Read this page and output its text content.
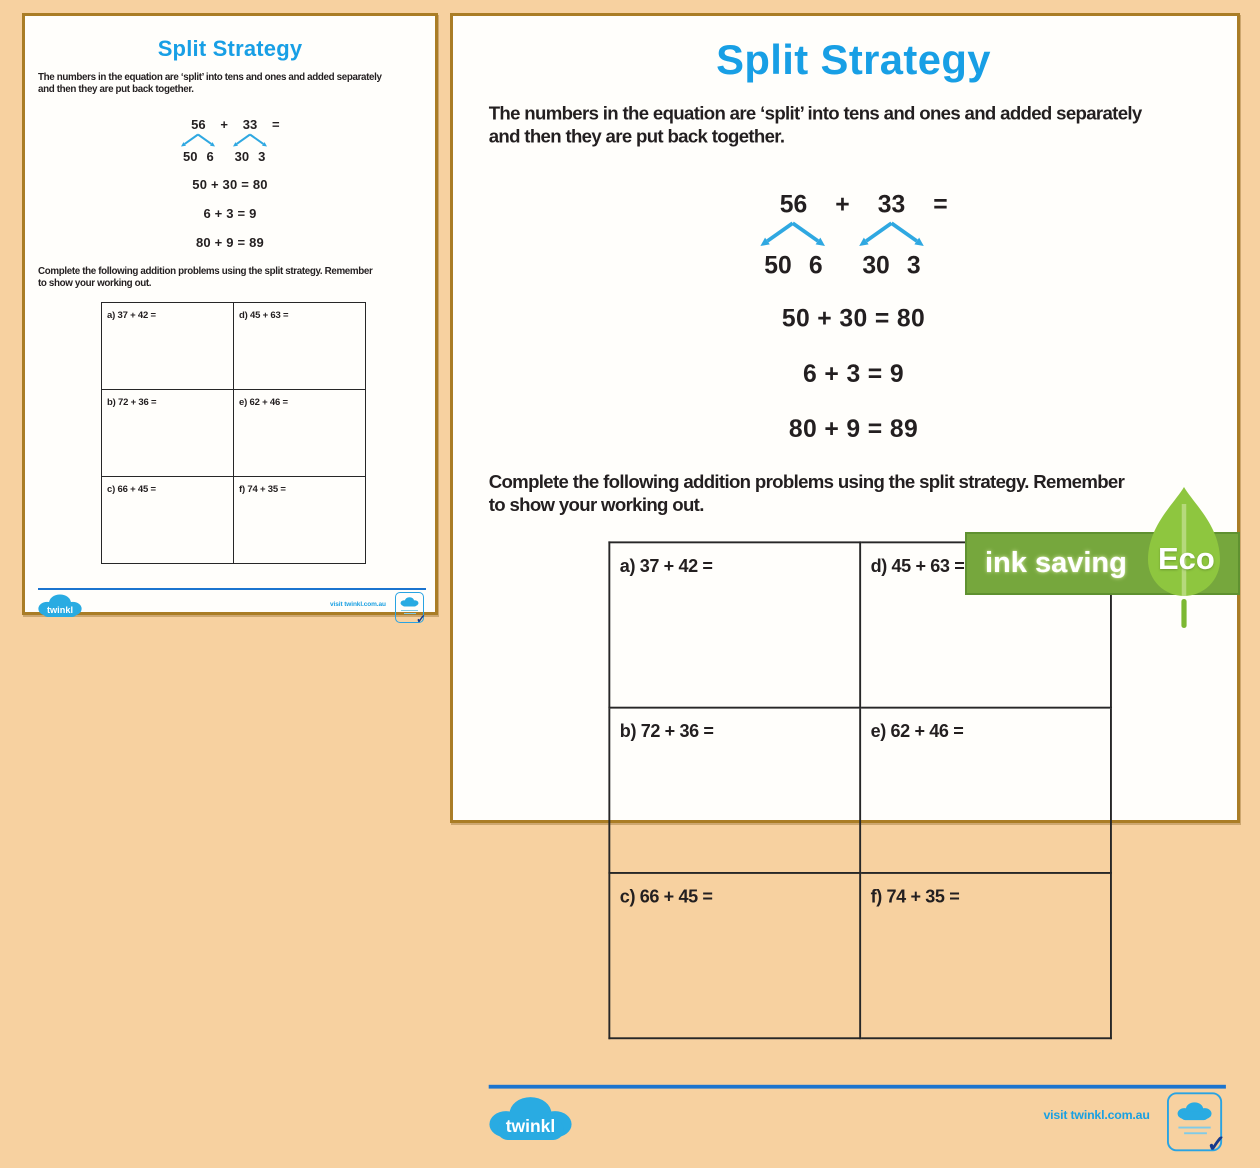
Split Strategy
The numbers in the equation are ‘split’ into tens and ones and added separately
and then they are put back together.
56
50 6
+ 33
30 3
=
50 + 30 = 80
6 + 3 = 9
80 + 9 = 89
Complete the following addition problems using the split strategy. Remember
to show your working out.
a) 37 + 42 =	d) 45 + 63 =
b) 72 + 36 =	e) 62 + 46 =
c) 66 + 45 =	f) 74 + 35 =
twinkl
visit twinkl.com.au
✓
Split Strategy
The numbers in the equation are ‘split’ into tens and ones and added separately
and then they are put back together.
56
50 6
+ 33
30 3
=
50 + 30 = 80
6 + 3 = 9
80 + 9 = 89
Complete the following addition problems using the split strategy. Remember
to show your working out.
a) 37 + 42 =	d) 45 + 63 =
b) 72 + 36 =	e) 62 + 46 =
c) 66 + 45 =	f) 74 + 35 =
twinkl	visit twinkl.com.au
✓
ink saving Eco
